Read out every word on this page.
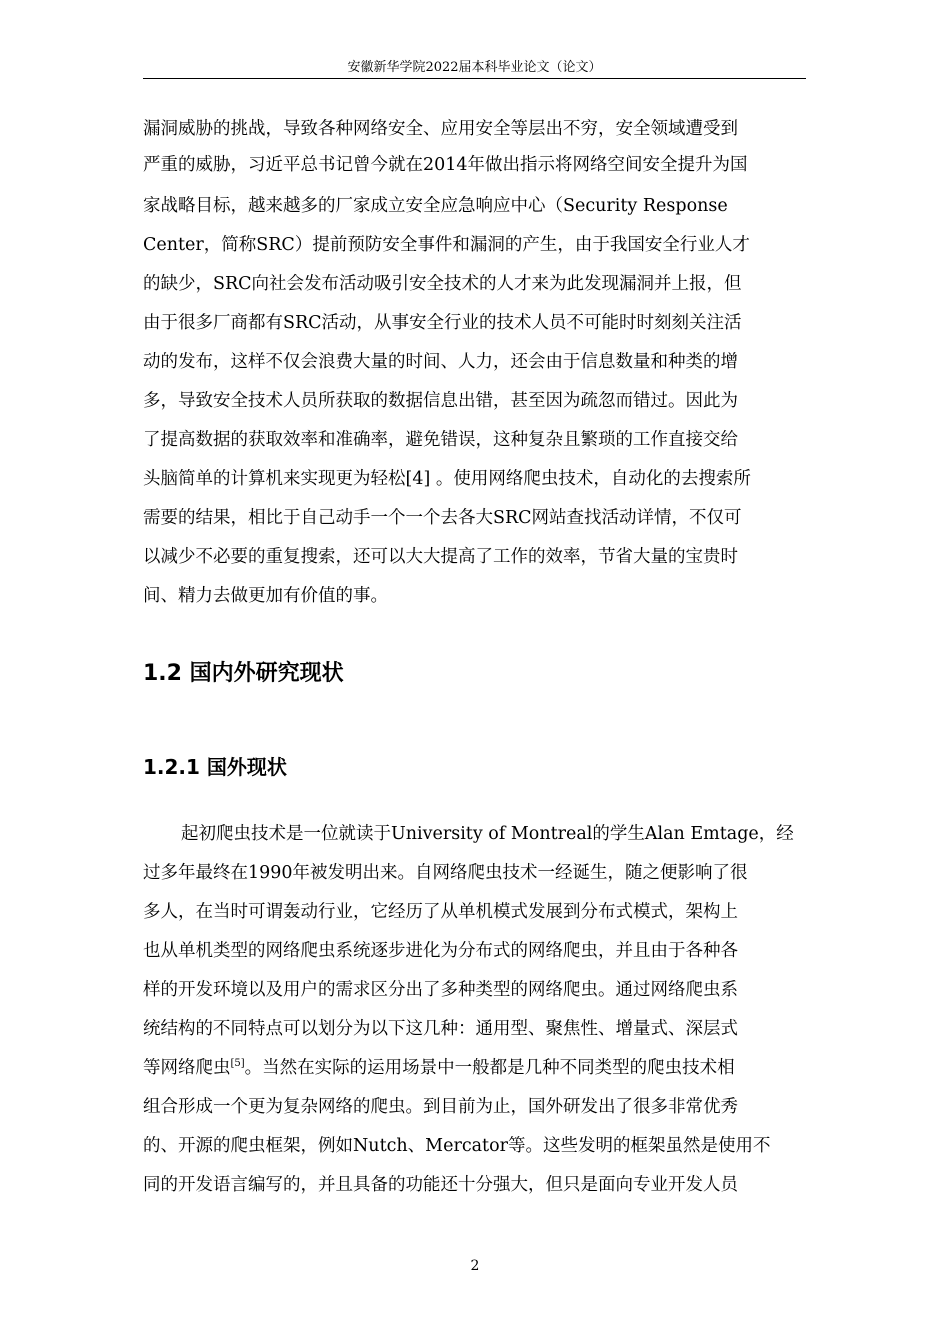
安徽新华学院2022届本科毕业论文（论文）
漏洞威胁的挑战，导致各种网络安全、应用安全等层出不穷，安全领域遭受到
严重的威胁，习近平总书记曾今就在2014年做出指示将网络空间安全提升为国
家战略目标，越来越多的厂家成立安全应急响应中心（Security Response
Center，简称SRC）提前预防安全事件和漏洞的产生，由于我国安全行业人才
的缺少，SRC向社会发布活动吸引安全技术的人才来为此发现漏洞并上报，但
由于很多厂商都有SRC活动，从事安全行业的技术人员不可能时时刻刻关注活
动的发布，这样不仅会浪费大量的时间、人力，还会由于信息数量和种类的增
多，导致安全技术人员所获取的数据信息出错，甚至因为疏忽而错过。因此为
了提高数据的获取效率和准确率，避免错误，这种复杂且繁琐的工作直接交给
头脑简单的计算机来实现更为轻松[4] 。使用网络爬虫技术，自动化的去搜索所
需要的结果，相比于自己动手一个一个去各大SRC网站查找活动详情，不仅可
以减少不必要的重复搜索，还可以大大提高了工作的效率，节省大量的宝贵时
间、精力去做更加有价值的事。
1.2 国内外研究现状
1.2.1 国外现状
起初爬虫技术是一位就读于University of Montreal的学生Alan Emtage，经
过多年最终在1990年被发明出来。自网络爬虫技术一经诞生，随之便影响了很
多人，在当时可谓轰动行业，它经历了从单机模式发展到分布式模式，架构上
也从单机类型的网络爬虫系统逐步进化为分布式的网络爬虫，并且由于各种各
样的开发环境以及用户的需求区分出了多种类型的网络爬虫。通过网络爬虫系
统结构的不同特点可以划分为以下这几种：通用型、聚焦性、增量式、深层式
等网络爬虫[5]。当然在实际的运用场景中一般都是几种不同类型的爬虫技术相
组合形成一个更为复杂网络的爬虫。到目前为止，国外研发出了很多非常优秀
的、开源的爬虫框架，例如Nutch、Mercator等。这些发明的框架虽然是使用不
同的开发语言编写的，并且具备的功能还十分强大，但只是面向专业开发人员
2
